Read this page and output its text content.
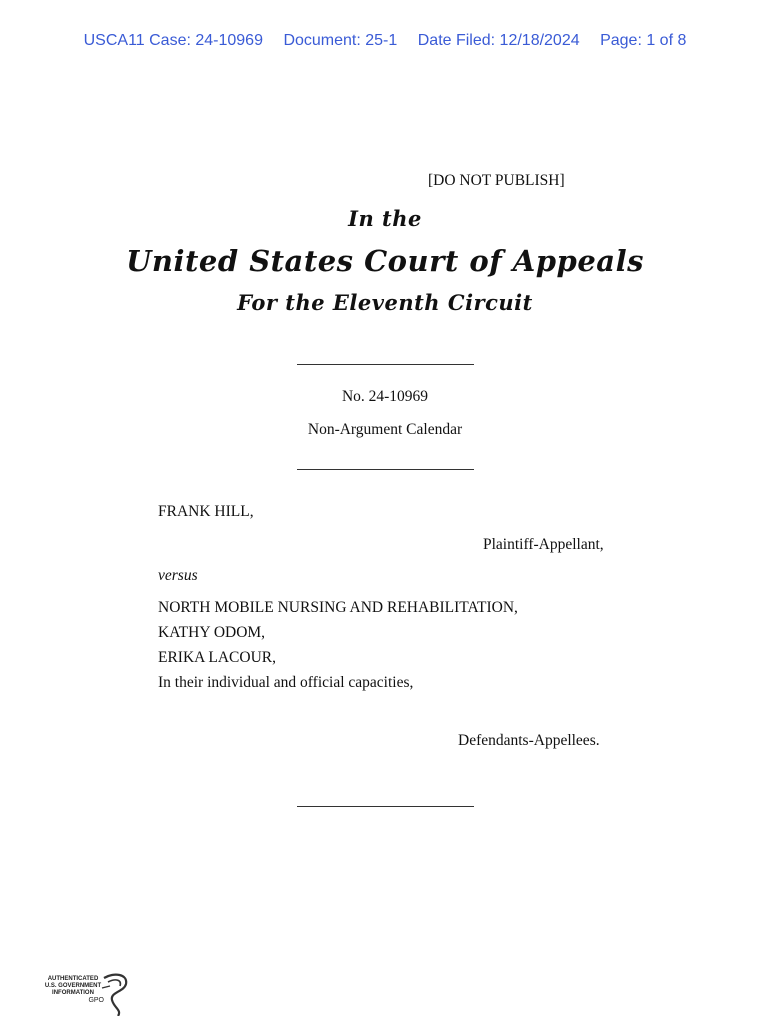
USCA11 Case: 24-10969 Document: 25-1 Date Filed: 12/18/2024 Page: 1 of 8
[DO NOT PUBLISH]
In the
United States Court of Appeals
For the Eleventh Circuit
No. 24-10969
Non-Argument Calendar
FRANK HILL,
Plaintiff-Appellant,
versus
NORTH MOBILE NURSING AND REHABILITATION,
KATHY ODOM,
ERIKA LACOUR,
In their individual and official capacities,
Defendants-Appellees.
AUTHENTICATED
U.S. GOVERNMENT
INFORMATION
GPO
